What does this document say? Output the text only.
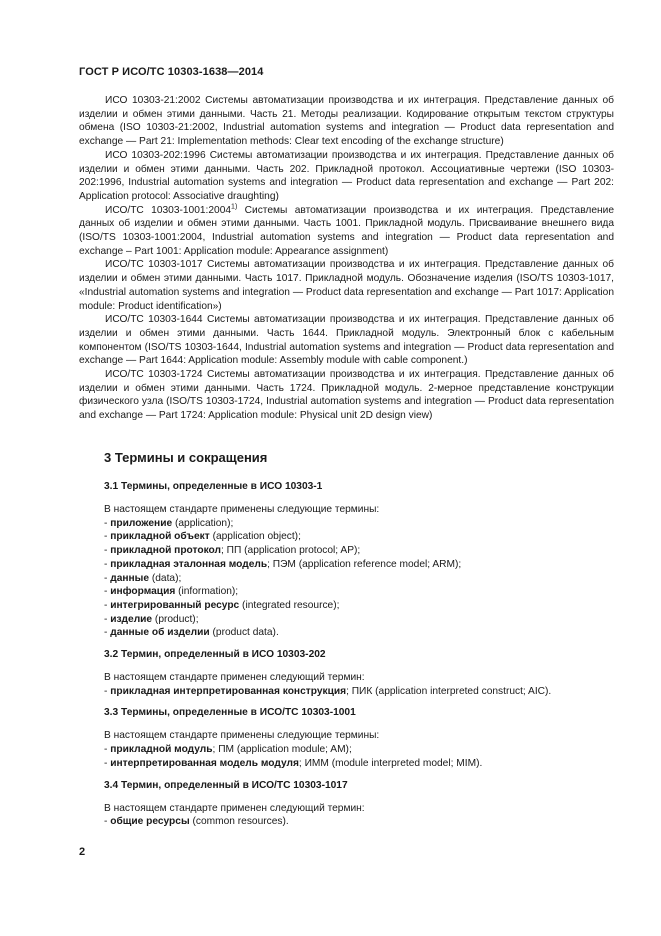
ГОСТ Р ИСО/ТС 10303-1638—2014

ИСО 10303-21:2002 Системы автоматизации производства и их интеграция. Представление данных об изделии и обмен этими данными. Часть 21. Методы реализации. Кодирование открытым текстом структуры обмена (ISO 10303-21:2002, Industrial automation systems and integration — Product data representation and exchange — Part 21: Implementation methods: Clear text encoding of the exchange structure)

ИСО 10303-202:1996 Системы автоматизации производства и их интеграция. Представление данных об изделии и обмен этими данными. Часть 202. Прикладной протокол. Ассоциативные чертежи (ISO 10303-202:1996, Industrial automation systems and integration — Product data representation and exchange — Part 202: Application protocol: Associative draughting)

ИСО/ТС 10303-1001:2004$^{1)}$ Системы автоматизации производства и их интеграция. Представление данных об изделии и обмен этими данными. Часть 1001. Прикладной модуль. Присваивание внешнего вида (ISO/TS 10303-1001:2004, Industrial automation systems and integration — Product data representation and exchange – Part 1001: Application module: Appearance assignment)

ИСО/ТС 10303-1017 Системы автоматизации производства и их интеграция. Представление данных об изделии и обмен этими данными. Часть 1017. Прикладной модуль. Обозначение изделия (ISO/TS 10303-1017, «Industrial automation systems and integration — Product data representation and exchange — Part 1017: Application module: Product identification»)

ИСО/ТС 10303-1644 Системы автоматизации производства и их интеграция. Представление данных об изделии и обмен этими данными. Часть 1644. Прикладной модуль. Электронный блок с кабельным компонентом (ISO/TS 10303-1644, Industrial automation systems and integration — Product data representation and exchange — Part 1644: Application module: Assembly module with cable component.)

ИСО/ТС 10303-1724 Системы автоматизации производства и их интеграция. Представление данных об изделии и обмен этими данными. Часть 1724. Прикладной модуль. 2-мерное представление конструкции физического узла (ISO/TS 10303-1724, Industrial automation systems and integration — Product data representation and exchange — Part 1724: Application module: Physical unit 2D design view)

3 Термины и сокращения
3.1 Термины, определенные в ИСО 10303-1

В настоящем стандарте применены следующие термины:

- приложение (application);
- прикладной объект (application object);
- прикладной протокол; ПП (application protocol; AP);
- прикладная эталонная модель; ПЭМ (application reference model; ARM);
- данные (data);
- информация (information);
- интегрированный ресурс (integrated resource);
- изделие (product);
- данные об изделии (product data).
3.2 Термин, определенный в ИСО 10303-202

В настоящем стандарте применен следующий термин:

- прикладная интерпретированная конструкция; ПИК (application interpreted construct; AIC).
3.3 Термины, определенные в ИСО/ТС 10303-1001

В настоящем стандарте применены следующие термины:

- прикладной модуль; ПМ (application module; AM);
- интерпретированная модель модуля; ИММ (module interpreted model; MIM).
3.4 Термин, определенный в ИСО/ТС 10303-1017

В настоящем стандарте применен следующий термин:

- общие ресурсы (common resources).
2
